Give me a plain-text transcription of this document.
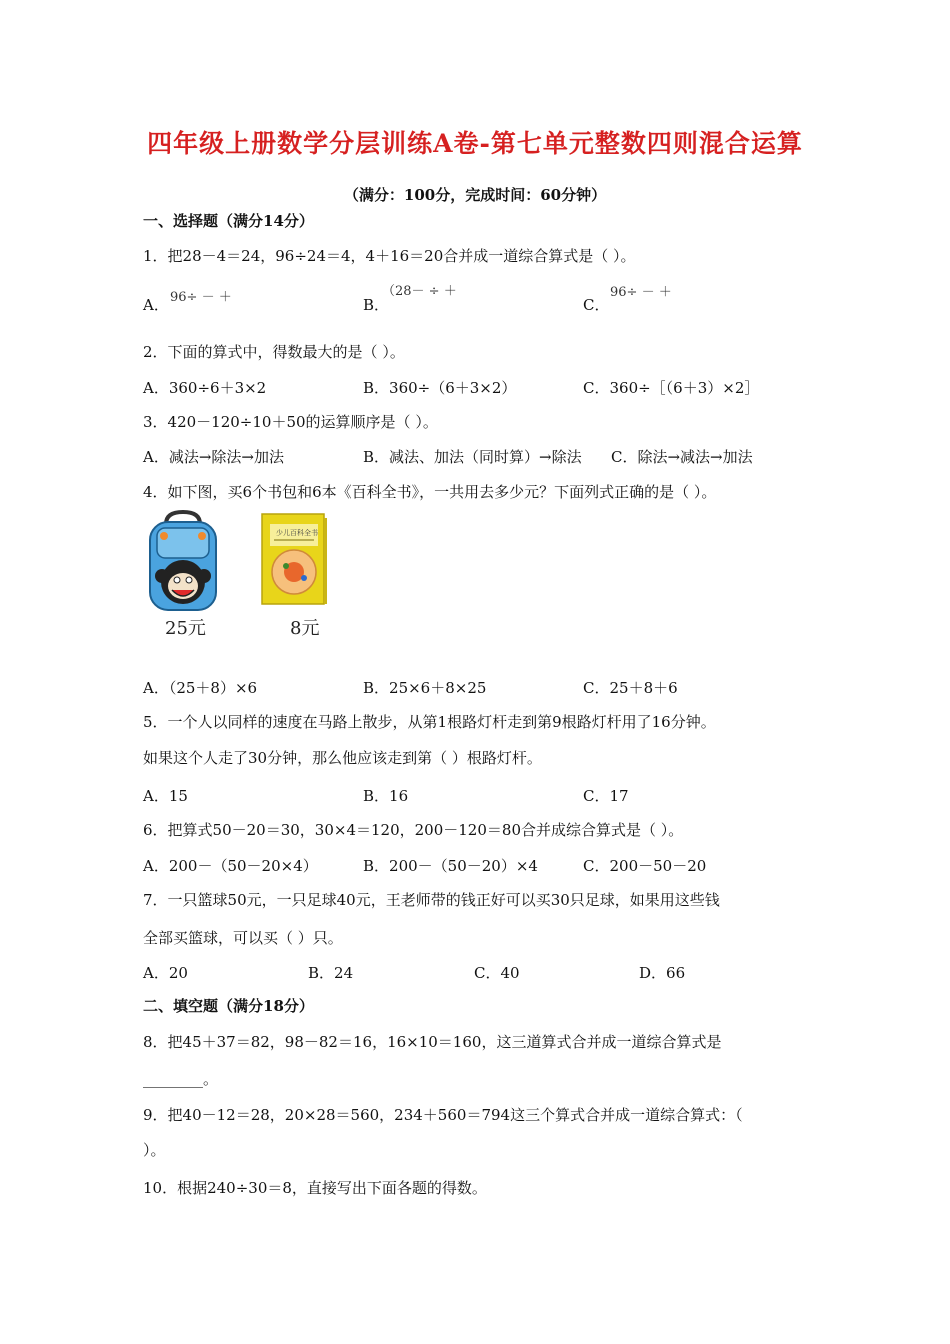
四年级上册数学分层训练A卷-第七单元整数四则混合运算
（满分：100分，完成时间：60分钟）
一、选择题（满分14分）
1．把28－4＝24，96÷24＝4，4＋16＝20合并成一道综合算式是（ ）。
A． 96÷ － ＋	B．
（28－ ÷ ＋
C．
96÷ － ＋
2．下面的算式中，得数最大的是（ ）。
A．360÷6＋3×2	B．360÷（6＋3×2）	C．360÷［（6＋3）×2］
3．420－120÷10＋50的运算顺序是（ ）。
A．减法→除法→加法	B．减法、加法（同时算）→除法 C．除法→减法→加法
4．如下图，买6个书包和6本《百科全书》，一共用去多少元？下面列式正确的是（ ）。
25元
少儿百科全书
8元
A．（25＋8）×6	B．25×6＋8×25	C．25＋8＋6
5．一个人以同样的速度在马路上散步，从第1根路灯杆走到第9根路灯杆用了16分钟。
如果这个人走了30分钟，那么他应该走到第（ ）根路灯杆。
A．15	B．16	C．17
6．把算式50－20＝30，30×4＝120，200－120＝80合并成综合算式是（ ）。
A．200－（50－20×4）	B．200－（50－20）×4	C．200－50－20
7．一只篮球50元，一只足球40元，王老师带的钱正好可以买30只足球，如果用这些钱
全部买篮球，可以买（ ）只。
A．20	B．24	C．40	D．66
二、填空题（满分18分）
8．把45＋37＝82，98－82＝16，16×10＝160，这三道算式合并成一道综合算式是
________。
9．把40－12＝28，20×28＝560，234＋560＝794这三个算式合并成一道综合算式：（
）。
10．根据240÷30＝8，直接写出下面各题的得数。
